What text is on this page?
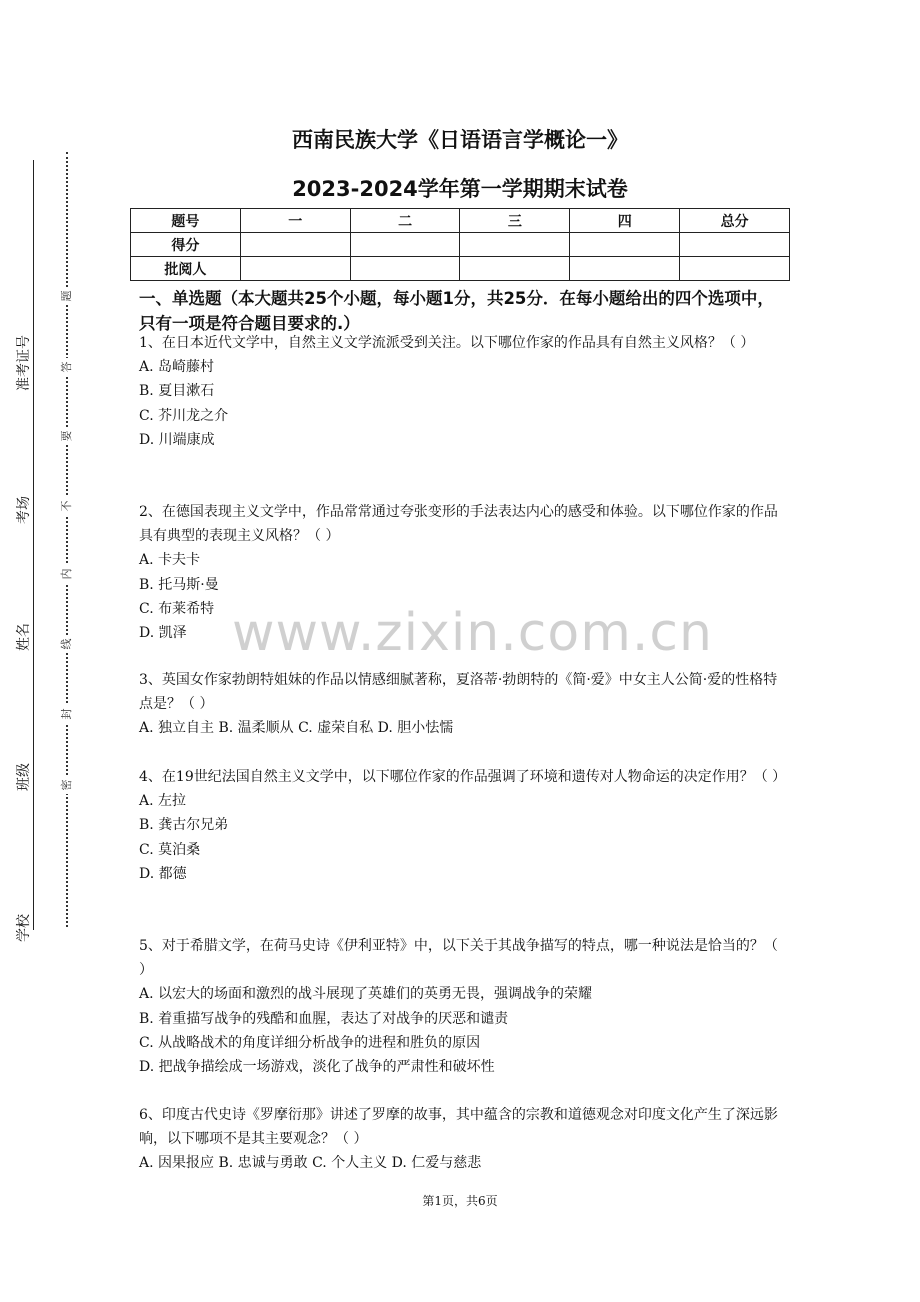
西南民族大学《日语语言学概论一》
2023-2024学年第一学期期末试卷
题号	一	二	三	四	总分
得分					
批阅人					
一、单选题（本大题共25个小题，每小题1分，共25分．在每小题给出的四个选项中，只有一项是符合题目要求的.）
1、在日本近代文学中，自然主义文学流派受到关注。以下哪位作家的作品具有自然主义风格？（ ）
A. 岛崎藤村
B. 夏目漱石
C. 芥川龙之介
D. 川端康成
2、在德国表现主义文学中，作品常常通过夸张变形的手法表达内心的感受和体验。以下哪位作家的作品具有典型的表现主义风格？（ ）
A. 卡夫卡
B. 托马斯·曼
C. 布莱希特
D. 凯泽
3、英国女作家勃朗特姐妹的作品以情感细腻著称，夏洛蒂·勃朗特的《简·爱》中女主人公简·爱的性格特点是？（ ）
A. 独立自主 B. 温柔顺从 C. 虚荣自私 D. 胆小怯懦
4、在19世纪法国自然主义文学中，以下哪位作家的作品强调了环境和遗传对人物命运的决定作用？（ ）
A. 左拉
B. 龚古尔兄弟
C. 莫泊桑
D. 都德
5、对于希腊文学，在荷马史诗《伊利亚特》中，以下关于其战争描写的特点，哪一种说法是恰当的？（ ）
A. 以宏大的场面和激烈的战斗展现了英雄们的英勇无畏，强调战争的荣耀
B. 着重描写战争的残酷和血腥，表达了对战争的厌恶和谴责
C. 从战略战术的角度详细分析战争的进程和胜负的原因
D. 把战争描绘成一场游戏，淡化了战争的严肃性和破坏性
6、印度古代史诗《罗摩衍那》讲述了罗摩的故事，其中蕴含的宗教和道德观念对印度文化产生了深远影响，以下哪项不是其主要观念？（ ）
A. 因果报应 B. 忠诚与勇敢 C. 个人主义 D. 仁爱与慈悲
准考证号
考场
姓名
班级
学校
题
答
要
不
内
线
封
密
www.zixin.com.cn
第1页，共6页
